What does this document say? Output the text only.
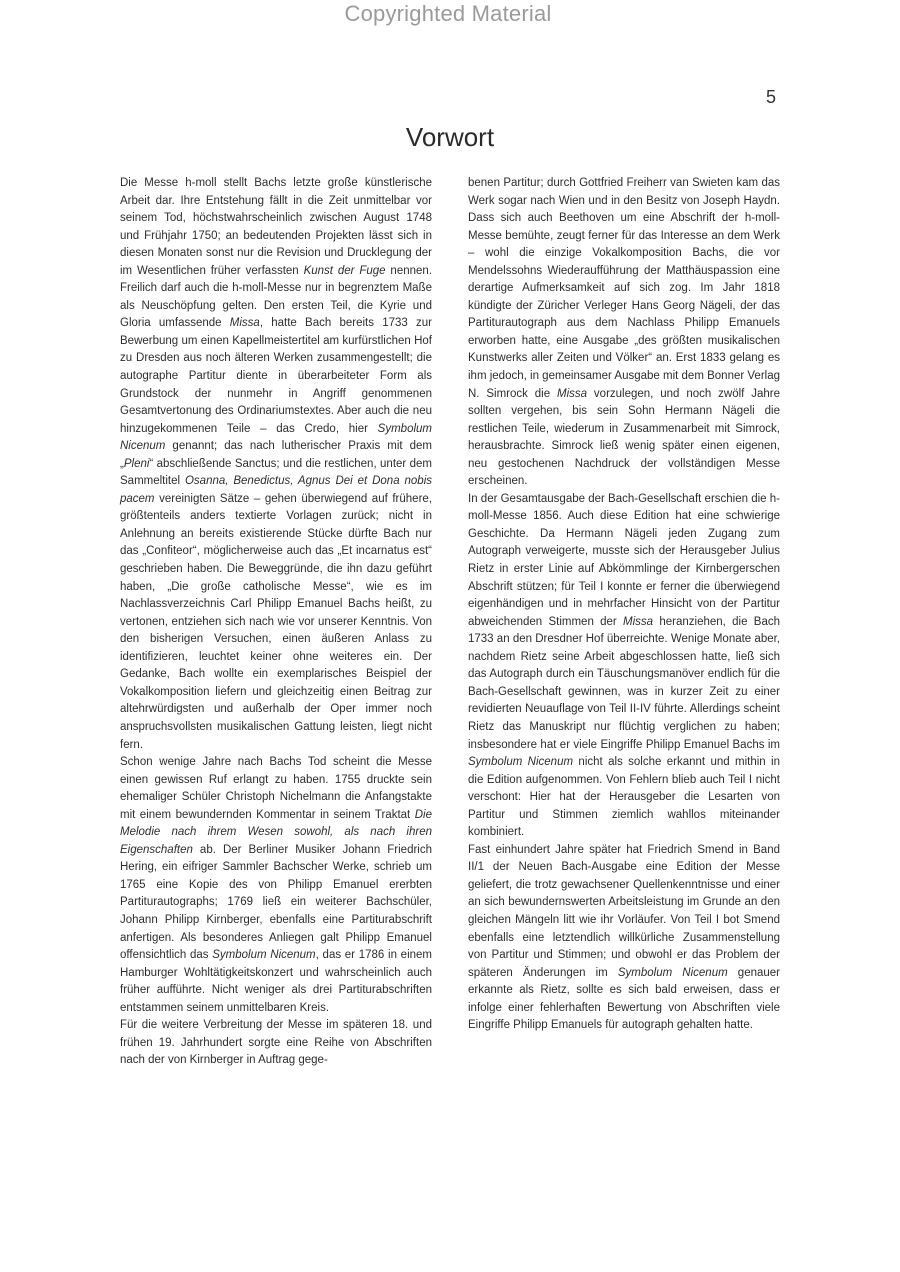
Copyrighted Material
5
Vorwort

Die Messe h-moll stellt Bachs letzte große künstlerische Arbeit dar. Ihre Entstehung fällt in die Zeit unmittelbar vor seinem Tod, höchstwahrscheinlich zwischen August 1748 und Frühjahr 1750; an bedeutenden Projekten lässt sich in diesen Monaten sonst nur die Revision und Drucklegung der im Wesentlichen früher verfassten Kunst der Fuge nennen. Freilich darf auch die h-moll-Messe nur in begrenztem Maße als Neuschöpfung gelten. Den ersten Teil, die Kyrie und Gloria umfassende Missa, hatte Bach bereits 1733 zur Bewerbung um einen Kapellmeistertitel am kurfürstlichen Hof zu Dresden aus noch älteren Werken zusammengestellt; die autographe Partitur diente in überarbeiteter Form als Grundstock der nunmehr in Angriff genommenen Gesamtvertonung des Ordinariumstextes. Aber auch die neu hinzugekommenen Teile – das Credo, hier Symbolum Nicenum genannt; das nach lutherischer Praxis mit dem „Pleni“ abschließende Sanctus; und die restlichen, unter dem Sammeltitel Osanna, Benedictus, Agnus Dei et Dona nobis pacem vereinigten Sätze – gehen überwiegend auf frühere, größtenteils anders textierte Vorlagen zurück; nicht in Anlehnung an bereits existierende Stücke dürfte Bach nur das „Confiteor“, möglicherweise auch das „Et incarnatus est“ geschrieben haben. Die Beweggründe, die ihn dazu geführt haben, „Die große catholische Messe“, wie es im Nachlassverzeichnis Carl Philipp Emanuel Bachs heißt, zu vertonen, entziehen sich nach wie vor unserer Kenntnis. Von den bisherigen Versuchen, einen äußeren Anlass zu identifizieren, leuchtet keiner ohne weiteres ein. Der Gedanke, Bach wollte ein exemplarisches Beispiel der Vokalkomposition liefern und gleichzeitig einen Beitrag zur altehrwürdigsten und außerhalb der Oper immer noch anspruchsvollsten musikalischen Gattung leisten, liegt nicht fern.

Schon wenige Jahre nach Bachs Tod scheint die Messe einen gewissen Ruf erlangt zu haben. 1755 druckte sein ehemaliger Schüler Christoph Nichelmann die Anfangstakte mit einem bewundernden Kommentar in seinem Traktat Die Melodie nach ihrem Wesen sowohl, als nach ihren Eigenschaften ab. Der Berliner Musiker Johann Friedrich Hering, ein eifriger Sammler Bachscher Werke, schrieb um 1765 eine Kopie des von Philipp Emanuel ererbten Partiturautographs; 1769 ließ ein weiterer Bachschüler, Johann Philipp Kirnberger, ebenfalls eine Partiturabschrift anfertigen. Als besonderes Anliegen galt Philipp Emanuel offensichtlich das Symbolum Nicenum, das er 1786 in einem Hamburger Wohltätigkeitskonzert und wahrscheinlich auch früher aufführte. Nicht weniger als drei Partiturabschriften entstammen seinem unmittelbaren Kreis.

Für die weitere Verbreitung der Messe im späteren 18. und frühen 19. Jahrhundert sorgte eine Reihe von Abschriften nach der von Kirnberger in Auftrag gege-

benen Partitur; durch Gottfried Freiherr van Swieten kam das Werk sogar nach Wien und in den Besitz von Joseph Haydn. Dass sich auch Beethoven um eine Abschrift der h-moll-Messe bemühte, zeugt ferner für das Interesse an dem Werk – wohl die einzige Vokalkomposition Bachs, die vor Mendelssohns Wiederaufführung der Matthäuspassion eine derartige Aufmerksamkeit auf sich zog. Im Jahr 1818 kündigte der Züricher Verleger Hans Georg Nägeli, der das Partiturautograph aus dem Nachlass Philipp Emanuels erworben hatte, eine Ausgabe „des größten musikalischen Kunstwerks aller Zeiten und Völker“ an. Erst 1833 gelang es ihm jedoch, in gemeinsamer Ausgabe mit dem Bonner Verlag N. Simrock die Missa vorzulegen, und noch zwölf Jahre sollten vergehen, bis sein Sohn Hermann Nägeli die restlichen Teile, wiederum in Zusammenarbeit mit Simrock, herausbrachte. Simrock ließ wenig später einen eigenen, neu gestochenen Nachdruck der vollständigen Messe erscheinen.

In der Gesamtausgabe der Bach-Gesellschaft erschien die h-moll-Messe 1856. Auch diese Edition hat eine schwierige Geschichte. Da Hermann Nägeli jeden Zugang zum Autograph verweigerte, musste sich der Herausgeber Julius Rietz in erster Linie auf Abkömmlinge der Kirnbergerschen Abschrift stützen; für Teil I konnte er ferner die überwiegend eigenhändigen und in mehrfacher Hinsicht von der Partitur abweichenden Stimmen der Missa heranziehen, die Bach 1733 an den Dresdner Hof überreichte. Wenige Monate aber, nachdem Rietz seine Arbeit abgeschlossen hatte, ließ sich das Autograph durch ein Täuschungsmanöver endlich für die Bach-Gesellschaft gewinnen, was in kurzer Zeit zu einer revidierten Neuauflage von Teil II-IV führte. Allerdings scheint Rietz das Manuskript nur flüchtig verglichen zu haben; insbesondere hat er viele Eingriffe Philipp Emanuel Bachs im Symbolum Nicenum nicht als solche erkannt und mithin in die Edition aufgenommen. Von Fehlern blieb auch Teil I nicht verschont: Hier hat der Herausgeber die Lesarten von Partitur und Stimmen ziemlich wahllos miteinander kombiniert.

Fast einhundert Jahre später hat Friedrich Smend in Band II/1 der Neuen Bach-Ausgabe eine Edition der Messe geliefert, die trotz gewachsener Quellenkenntnisse und einer an sich bewundernswerten Arbeitsleistung im Grunde an den gleichen Mängeln litt wie ihr Vorläufer. Von Teil I bot Smend ebenfalls eine letztendlich willkürliche Zusammenstellung von Partitur und Stimmen; und obwohl er das Problem der späteren Änderungen im Symbolum Nicenum genauer erkannte als Rietz, sollte es sich bald erweisen, dass er infolge einer fehlerhaften Bewertung von Abschriften viele Eingriffe Philipp Emanuels für autograph gehalten hatte.
